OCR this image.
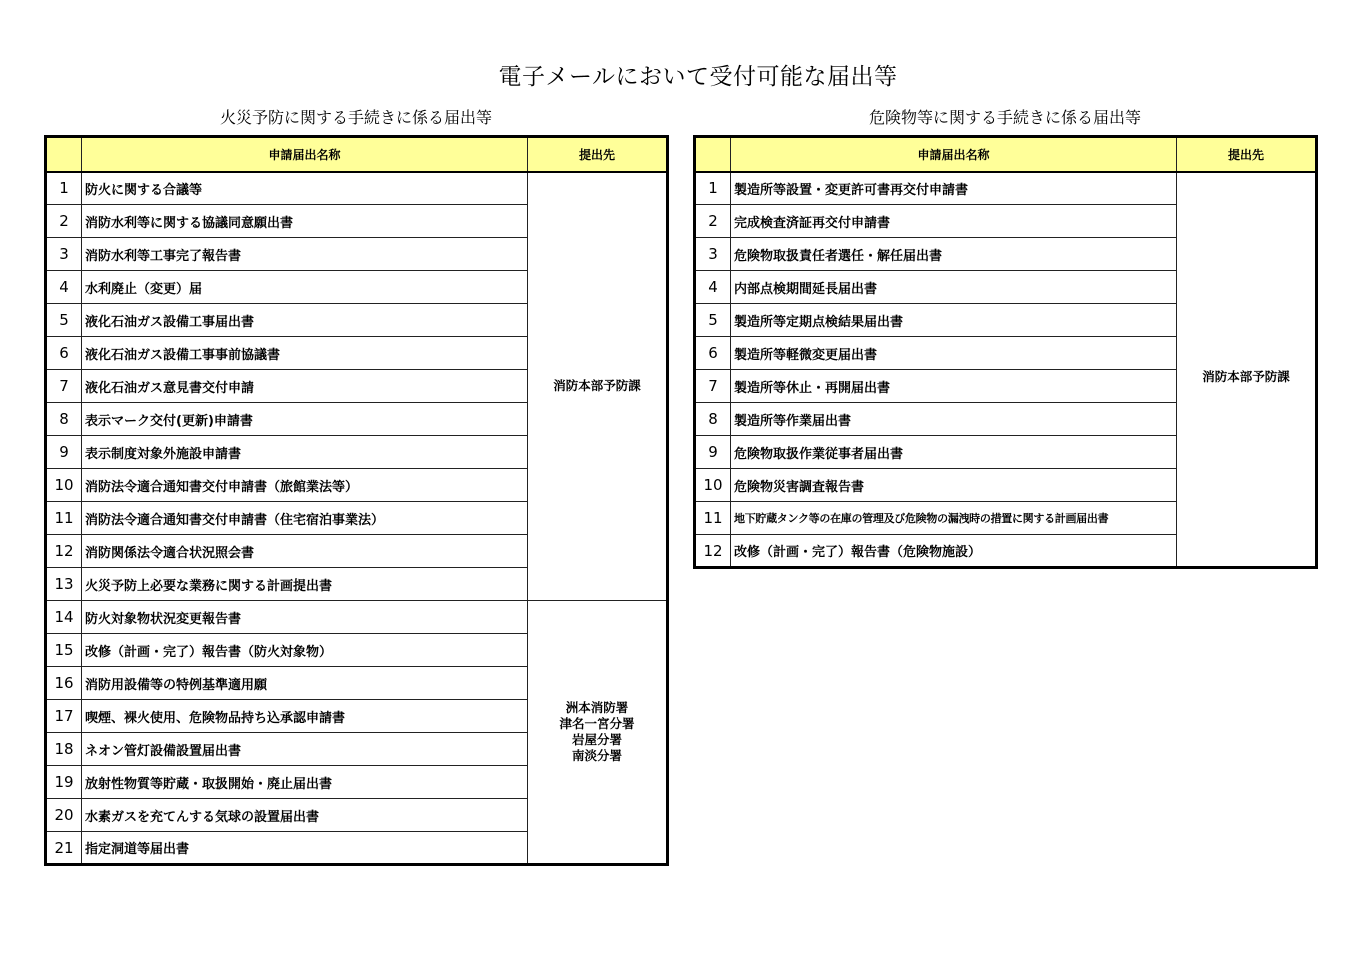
電子メールにおいて受付可能な届出等
火災予防に関する手続きに係る届出等	危険物等に関する手続きに係る届出等
	申請届出名称	提出先
1	防火に関する合議等	消防本部予防課

2	消防水利等に関する協議同意願出書	
3	消防水利等工事完了報告書	
4	水利廃止（変更）届	
5	液化石油ガス設備工事届出書	
6	液化石油ガス設備工事事前協議書	
7	液化石油ガス意見書交付申請	
8	表示マーク交付(更新)申請書	
9	表示制度対象外施設申請書	
10	消防法令適合通知書交付申請書（旅館業法等）	
11	消防法令適合通知書交付申請書（住宅宿泊事業法）	
12	消防関係法令適合状況照会書	
13	火災予防上必要な業務に関する計画提出書	
14	防火対象物状況変更報告書	洲本消防署
津名一宮分署
岩屋分署
南淡分署

15	改修（計画・完了）報告書（防火対象物）	
16	消防用設備等の特例基準適用願	
17	喫煙、裸火使用、危険物品持ち込承認申請書	
18	ネオン管灯設備設置届出書	
19	放射性物質等貯蔵・取扱開始・廃止届出書	
20	水素ガスを充てんする気球の設置届出書	
21	指定洞道等届出書	
	申請届出名称	提出先
1	製造所等設置・変更許可書再交付申請書	消防本部予防課

2	完成検査済証再交付申請書	
3	危険物取扱責任者選任・解任届出書	
4	内部点検期間延長届出書	
5	製造所等定期点検結果届出書	
6	製造所等軽微変更届出書	
7	製造所等休止・再開届出書	
8	製造所等作業届出書	
9	危険物取扱作業従事者届出書	
10	危険物災害調査報告書	
11	地下貯蔵タンク等の在庫の管理及び危険物の漏洩時の措置に関する計画届出書	
12	改修（計画・完了）報告書（危険物施設）	
